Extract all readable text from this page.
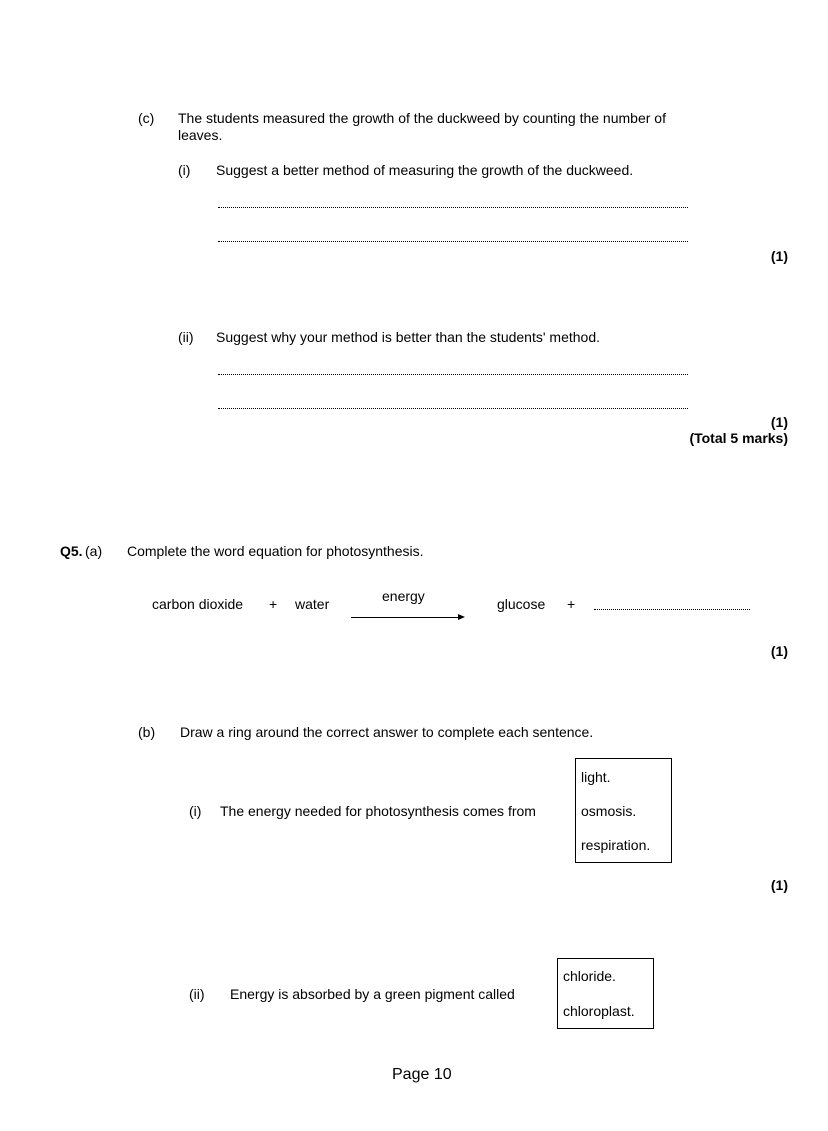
(c) The students measured the growth of the duckweed by counting the number of
leaves.
(i) Suggest a better method of measuring the growth of the duckweed.
(1)
(ii) Suggest why your method is better than the students' method.
(1)
(Total 5 marks)
Q5. (a) Complete the word equation for photosynthesis.
carbon dioxide + water	energy	glucose +
(1)
(b) Draw a ring around the correct answer to complete each sentence.
(i) The energy needed for photosynthesis comes from
light.
osmosis.
respiration.
(1)
(ii) Energy is absorbed by a green pigment called
chloride.
chloroplast.
Page 10
